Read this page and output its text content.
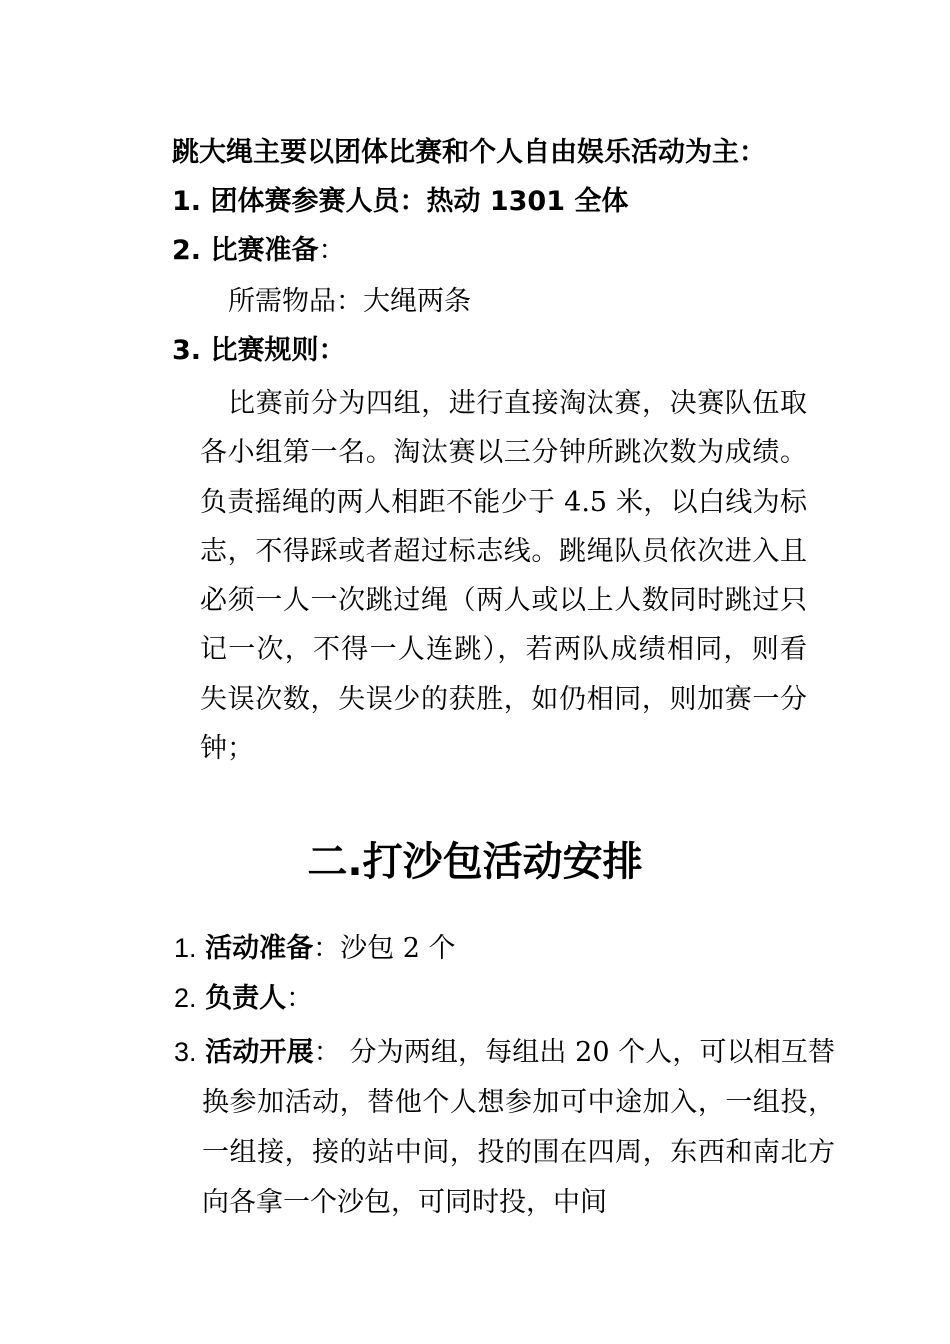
跳大绳主要以团体比赛和个人自由娱乐活动为主：
1. 团体赛参赛人员：热动 1301 全体
2. 比赛准备：
所需物品：大绳两条
3. 比赛规则：
比赛前分为四组，进行直接淘汰赛，决赛队伍取各小组第一名。淘汰赛以三分钟所跳次数为成绩。负责摇绳的两人相距不能少于 4.5 米，以白线为标志，不得踩或者超过标志线。跳绳队员依次进入且必须一人一次跳过绳（两人或以上人数同时跳过只记一次，不得一人连跳），若两队成绩相同，则看失误次数，失误少的获胜，如仍相同，则加赛一分钟；
二.打沙包活动安排
1. 活动准备：沙包 2 个
2. 负责人：
3. 活动开展： 分为两组，每组出 20 个人，可以相互替换参加活动，替他个人想参加可中途加入，一组投，一组接，接的站中间，投的围在四周，东西和南北方向各拿一个沙包，可同时投，中间
